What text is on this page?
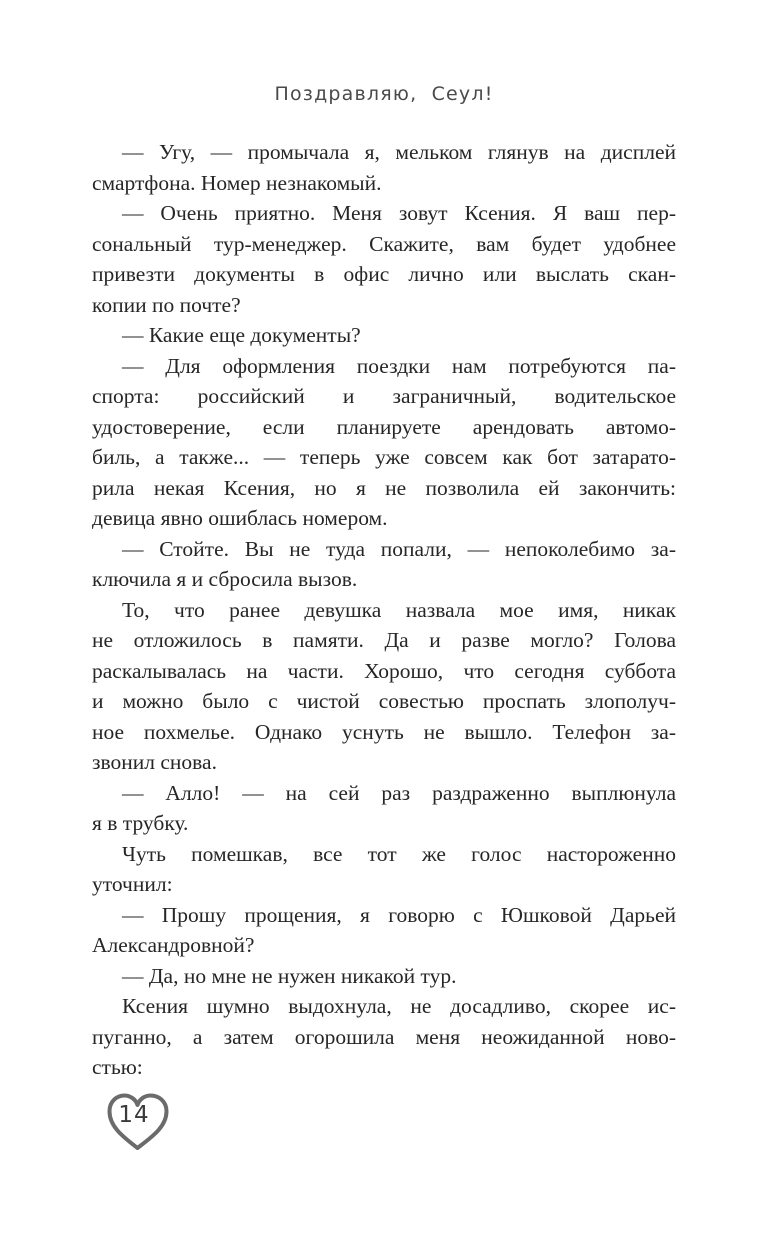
Поздравляю, Сеул!
— Угу, — промычала я, мельком глянув на дисплей
смартфона. Номер незнакомый.
— Очень приятно. Меня зовут Ксения. Я ваш пер-
сональный тур-менеджер. Скажите, вам будет удобнее
привезти документы в офис лично или выслать скан-
копии по почте?
— Какие еще документы?
— Для оформления поездки нам потребуются па-
спорта: российский и заграничный, водительское
удостоверение, если планируете арендовать автомо-
биль, а также... — теперь уже совсем как бот затарато-
рила некая Ксения, но я не позволила ей закончить:
девица явно ошиблась номером.
— Стойте. Вы не туда попали, — непоколебимо за-
ключила я и сбросила вызов.
То, что ранее девушка назвала мое имя, никак
не отложилось в памяти. Да и разве могло? Голова
раскалывалась на части. Хорошо, что сегодня суббота
и можно было с чистой совестью проспать злополуч-
ное похмелье. Однако уснуть не вышло. Телефон за-
звонил снова.
— Алло! — на сей раз раздраженно выплюнула
я в трубку.
Чуть помешкав, все тот же голос настороженно
уточнил:
— Прошу прощения, я говорю с Юшковой Дарьей
Александровной?
— Да, но мне не нужен никакой тур.
Ксения шумно выдохнула, не досадливо, скорее ис-
пуганно, а затем огорошила меня неожиданной ново-
стью:
14
